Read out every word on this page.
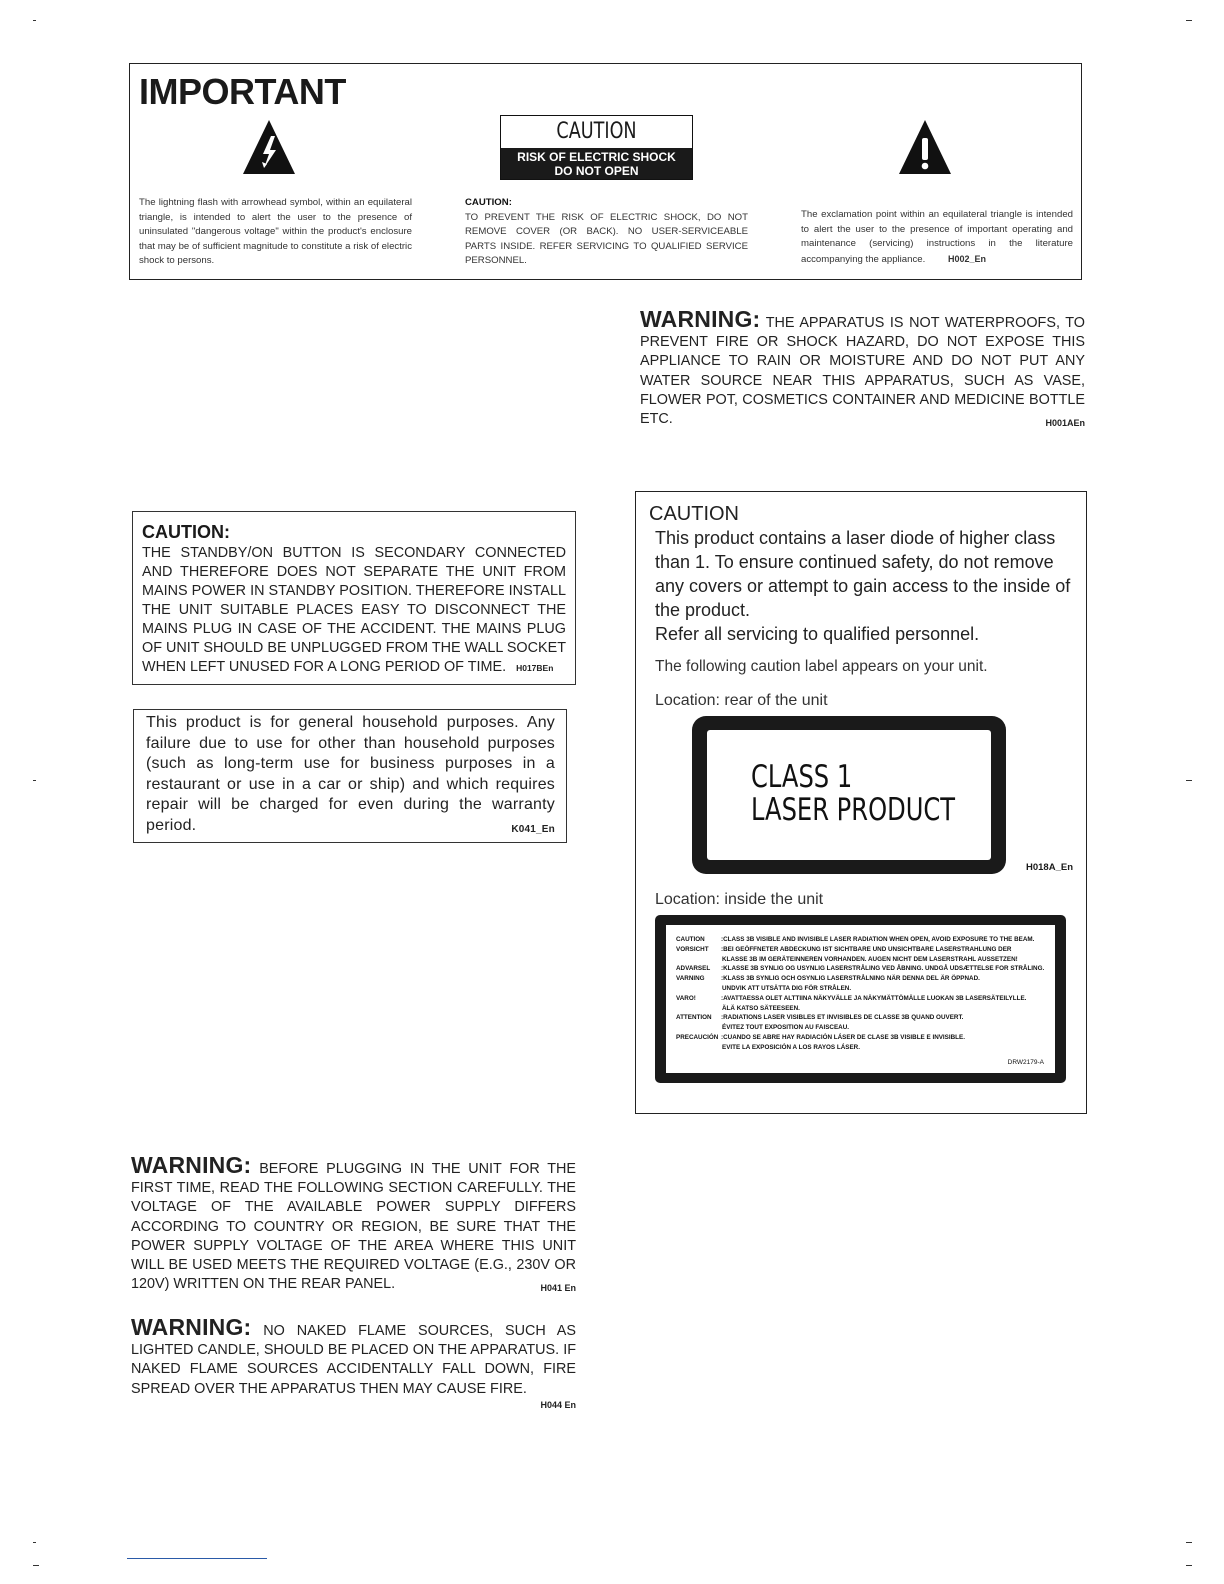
IMPORTANT
CAUTION
RISK OF ELECTRIC SHOCK
DO NOT OPEN
The lightning flash with arrowhead symbol, within an equilateral triangle, is intended to alert the user to the presence of uninsulated "dangerous voltage" within the product's enclosure that may be of sufficient magnitude to constitute a risk of electric shock to persons.
CAUTION:
TO PREVENT THE RISK OF ELECTRIC SHOCK, DO NOT REMOVE COVER (OR BACK). NO USER-SERVICEABLE PARTS INSIDE. REFER SERVICING TO QUALIFIED SERVICE PERSONNEL.
The exclamation point within an equilateral triangle is intended to alert the user to the presence of important operating and maintenance (servicing) instructions in the literature accompanying the appliance.	H002_En
WARNING: THE APPARATUS IS NOT WATERPROOFS, TO PREVENT FIRE OR SHOCK HAZARD, DO NOT EXPOSE THIS APPLIANCE TO RAIN OR MOISTURE AND DO NOT PUT ANY WATER SOURCE NEAR THIS APPARATUS, SUCH AS VASE, FLOWER POT, COSMETICS CONTAINER AND MEDICINE BOTTLE ETC.	H001AEn
CAUTION:
THE STANDBY/ON BUTTON IS SECONDARY CONNECTED AND THEREFORE DOES NOT SEPARATE THE UNIT FROM MAINS POWER IN STANDBY POSITION. THEREFORE INSTALL THE UNIT SUITABLE PLACES EASY TO DISCONNECT THE MAINS PLUG IN CASE OF THE ACCIDENT. THE MAINS PLUG OF UNIT SHOULD BE UNPLUGGED FROM THE WALL SOCKET WHEN LEFT UNUSED FOR A LONG PERIOD OF TIME. H017BEn
This product is for general household purposes. Any failure due to use for other than household purposes (such as long-term use for business purposes in a restaurant or use in a car or ship) and which requires repair will be charged for even during the warranty period.	K041_En
CAUTION
This product contains a laser diode of higher class than 1. To ensure continued safety, do not remove any covers or attempt to gain access to the inside of the product.
Refer all servicing to qualified personnel.
The following caution label appears on your unit.
Location: rear of the unit
CLASS 1
LASER PRODUCT
H018A_En
Location: inside the unit
CAUTION	:CLASS 3B VISIBLE AND INVISIBLE LASER RADIATION WHEN OPEN, AVOID EXPOSURE TO THE BEAM.
VORSICHT :BEI GEÖFFNETER ABDECKUNG IST SICHTBARE UND UNSICHTBARE LASERSTRAHLUNG DER
KLASSE 3B IM GERÄTEINNEREN VORHANDEN. AUGEN NICHT DEM LASERSTRAHL AUSSETZEN!
ADVARSEL :KLASSE 3B SYNLIG OG USYNLIG LASERSTRÅLING VED ÅBNING. UNDGÅ UDSÆTTELSE FOR STRÅLING.
VARNING	:KLASS 3B SYNLIG OCH OSYNLIG LASERSTRÅLNING NÄR DENNA DEL ÄR ÖPPNAD.
UNDVIK ATT UTSÄTTA DIG FÖR STRÅLEN.
VARO!	:AVATTAESSA OLET ALTTIINA NÄKYVÄLLE JA NÄKYMÄTTÖMÄLLE LUOKAN 3B LASERSÄTEILYLLE.
ÄLÄ KATSO SÄTEESEEN.
ATTENTION :RADIATIONS LASER VISIBLES ET INVISIBLES DE CLASSE 3B QUAND OUVERT.
ÉVITEZ TOUT EXPOSITION AU FAISCEAU.
PRECAUCIÓN :CUANDO SE ABRE HAY RADIACIÓN LÁSER DE CLASE 3B VISIBLE E INVISIBLE.
EVITE LA EXPOSICIÓN A LOS RAYOS LÁSER.
DRW2179-A
WARNING: BEFORE PLUGGING IN THE UNIT FOR THE FIRST TIME, READ THE FOLLOWING SECTION CAREFULLY. THE VOLTAGE OF THE AVAILABLE POWER SUPPLY DIFFERS ACCORDING TO COUNTRY OR REGION, BE SURE THAT THE POWER SUPPLY VOLTAGE OF THE AREA WHERE THIS UNIT WILL BE USED MEETS THE REQUIRED VOLTAGE (E.G., 230V OR 120V) WRITTEN ON THE REAR PANEL.	H041 En
WARNING: NO NAKED FLAME SOURCES, SUCH AS LIGHTED CANDLE, SHOULD BE PLACED ON THE APPARATUS. IF NAKED FLAME SOURCES ACCIDENTALLY FALL DOWN, FIRE SPREAD OVER THE APPARATUS THEN MAY CAUSE FIRE.
H044 En
